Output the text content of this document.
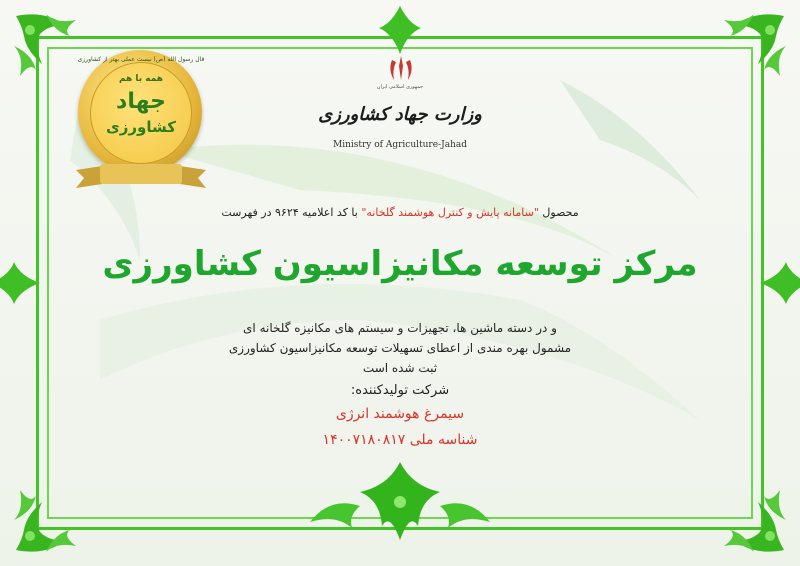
قال رسول الله (ص) نیست عملی بهتر از کشاورزی
همه با هم
جهاد
کشاورزی
جمهوری اسلامی ایران
وزارت جهاد کشاورزی
Ministry of Agriculture-Jahad
محصول "سامانه پایش و کنترل هوشمند گلخانه" با کد اعلامیه ۹۶۲۴ در فهرست
مرکز توسعه مکانیزاسیون کشاورزی
و در دسته ماشین ها، تجهیزات و سیستم های مکانیزه گلخانه ای
مشمول بهره مندی از اعطای تسهیلات توسعه مکانیزاسیون کشاورزی
ثبت شده است
شرکت تولیدکننده:
سیمرغ هوشمند انرژی
شناسه ملی ۱۴۰۰۷۱۸۰۸۱۷
